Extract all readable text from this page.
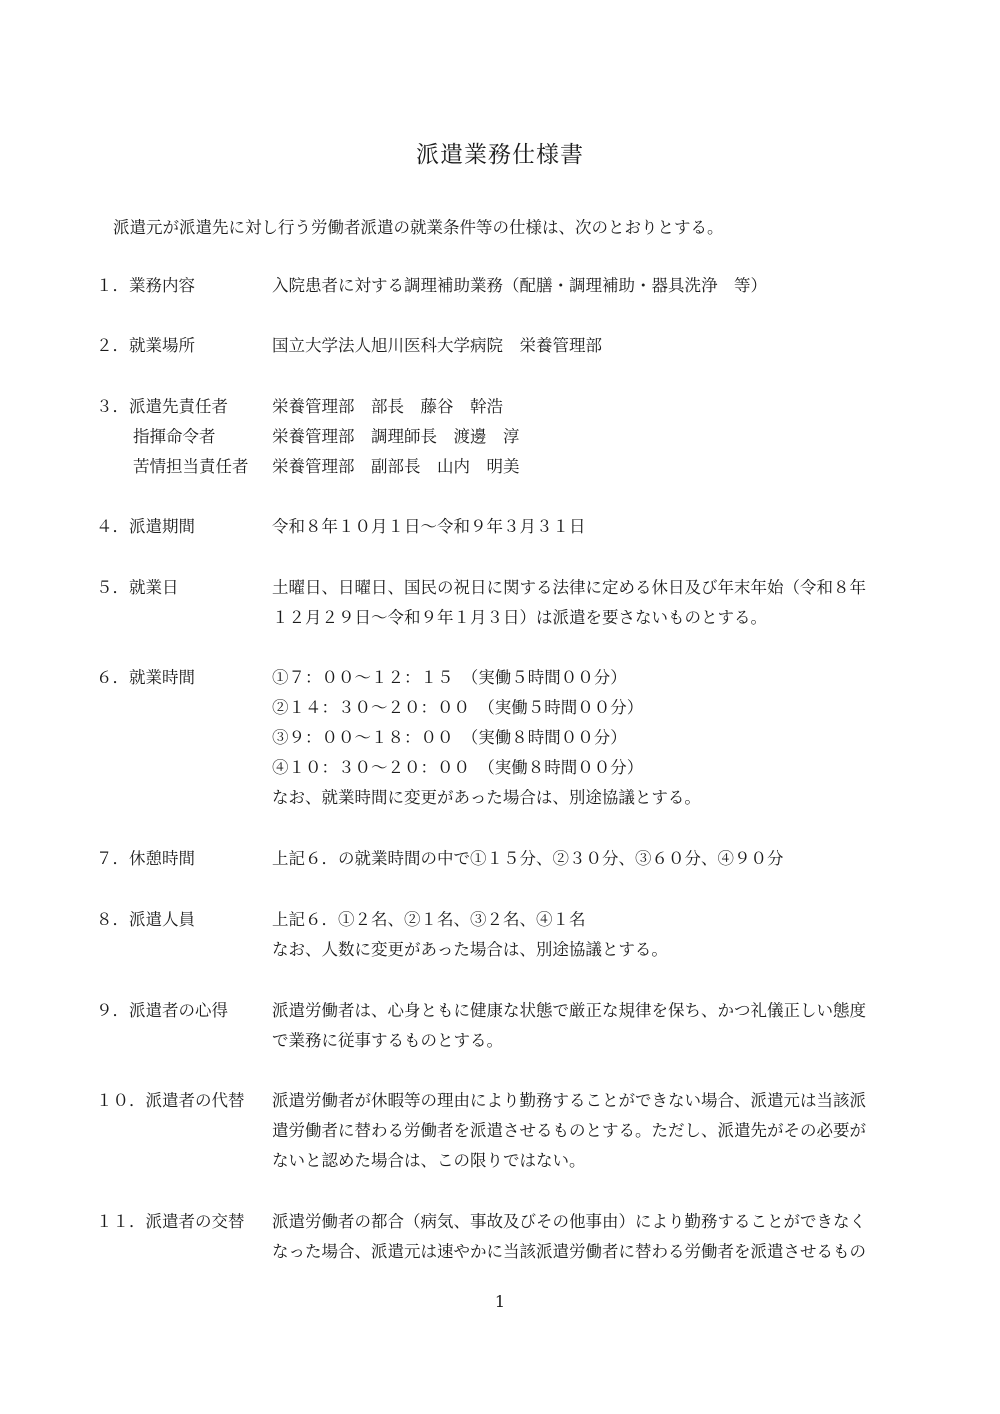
派遣業務仕様書
派遣元が派遣先に対し行う労働者派遣の就業条件等の仕様は、次のとおりとする。
１．業務内容	入院患者に対する調理補助業務（配膳・調理補助・器具洗浄　等）
２．就業場所	国立大学法人旭川医科大学病院　栄養管理部
３．派遣先責任者	栄養管理部　部長　藤谷　幹浩
指揮命令者	栄養管理部　調理師長　渡邊　淳
苦情担当責任者 栄養管理部　副部長　山内　明美
４．派遣期間	令和８年１０月１日～令和９年３月３１日
５．就業日	土曜日、日曜日、国民の祝日に関する法律に定める休日及び年末年始（令和８年
１２月２９日～令和９年１月３日）は派遣を要さないものとする。
６．就業時間	①７：００～１２：１５　（実働５時間００分）
②１４：３０～２０：００　（実働５時間００分）
③９：００～１８：００　（実働８時間００分）
④１０：３０～２０：００　（実働８時間００分）
なお、就業時間に変更があった場合は、別途協議とする。
７．休憩時間	上記６．の就業時間の中で①１５分、②３０分、③６０分、④９０分
８．派遣人員	上記６．①２名、②１名、③２名、④１名
なお、人数に変更があった場合は、別途協議とする。
９．派遣者の心得	派遣労働者は、心身ともに健康な状態で厳正な規律を保ち、かつ礼儀正しい態度
で業務に従事するものとする。
１０．派遣者の代替 派遣労働者が休暇等の理由により勤務することができない場合、派遣元は当該派
遣労働者に替わる労働者を派遣させるものとする。ただし、派遣先がその必要が
ないと認めた場合は、この限りではない。
１１．派遣者の交替 派遣労働者の都合（病気、事故及びその他事由）により勤務することができなく
なった場合、派遣元は速やかに当該派遣労働者に替わる労働者を派遣させるもの
1
